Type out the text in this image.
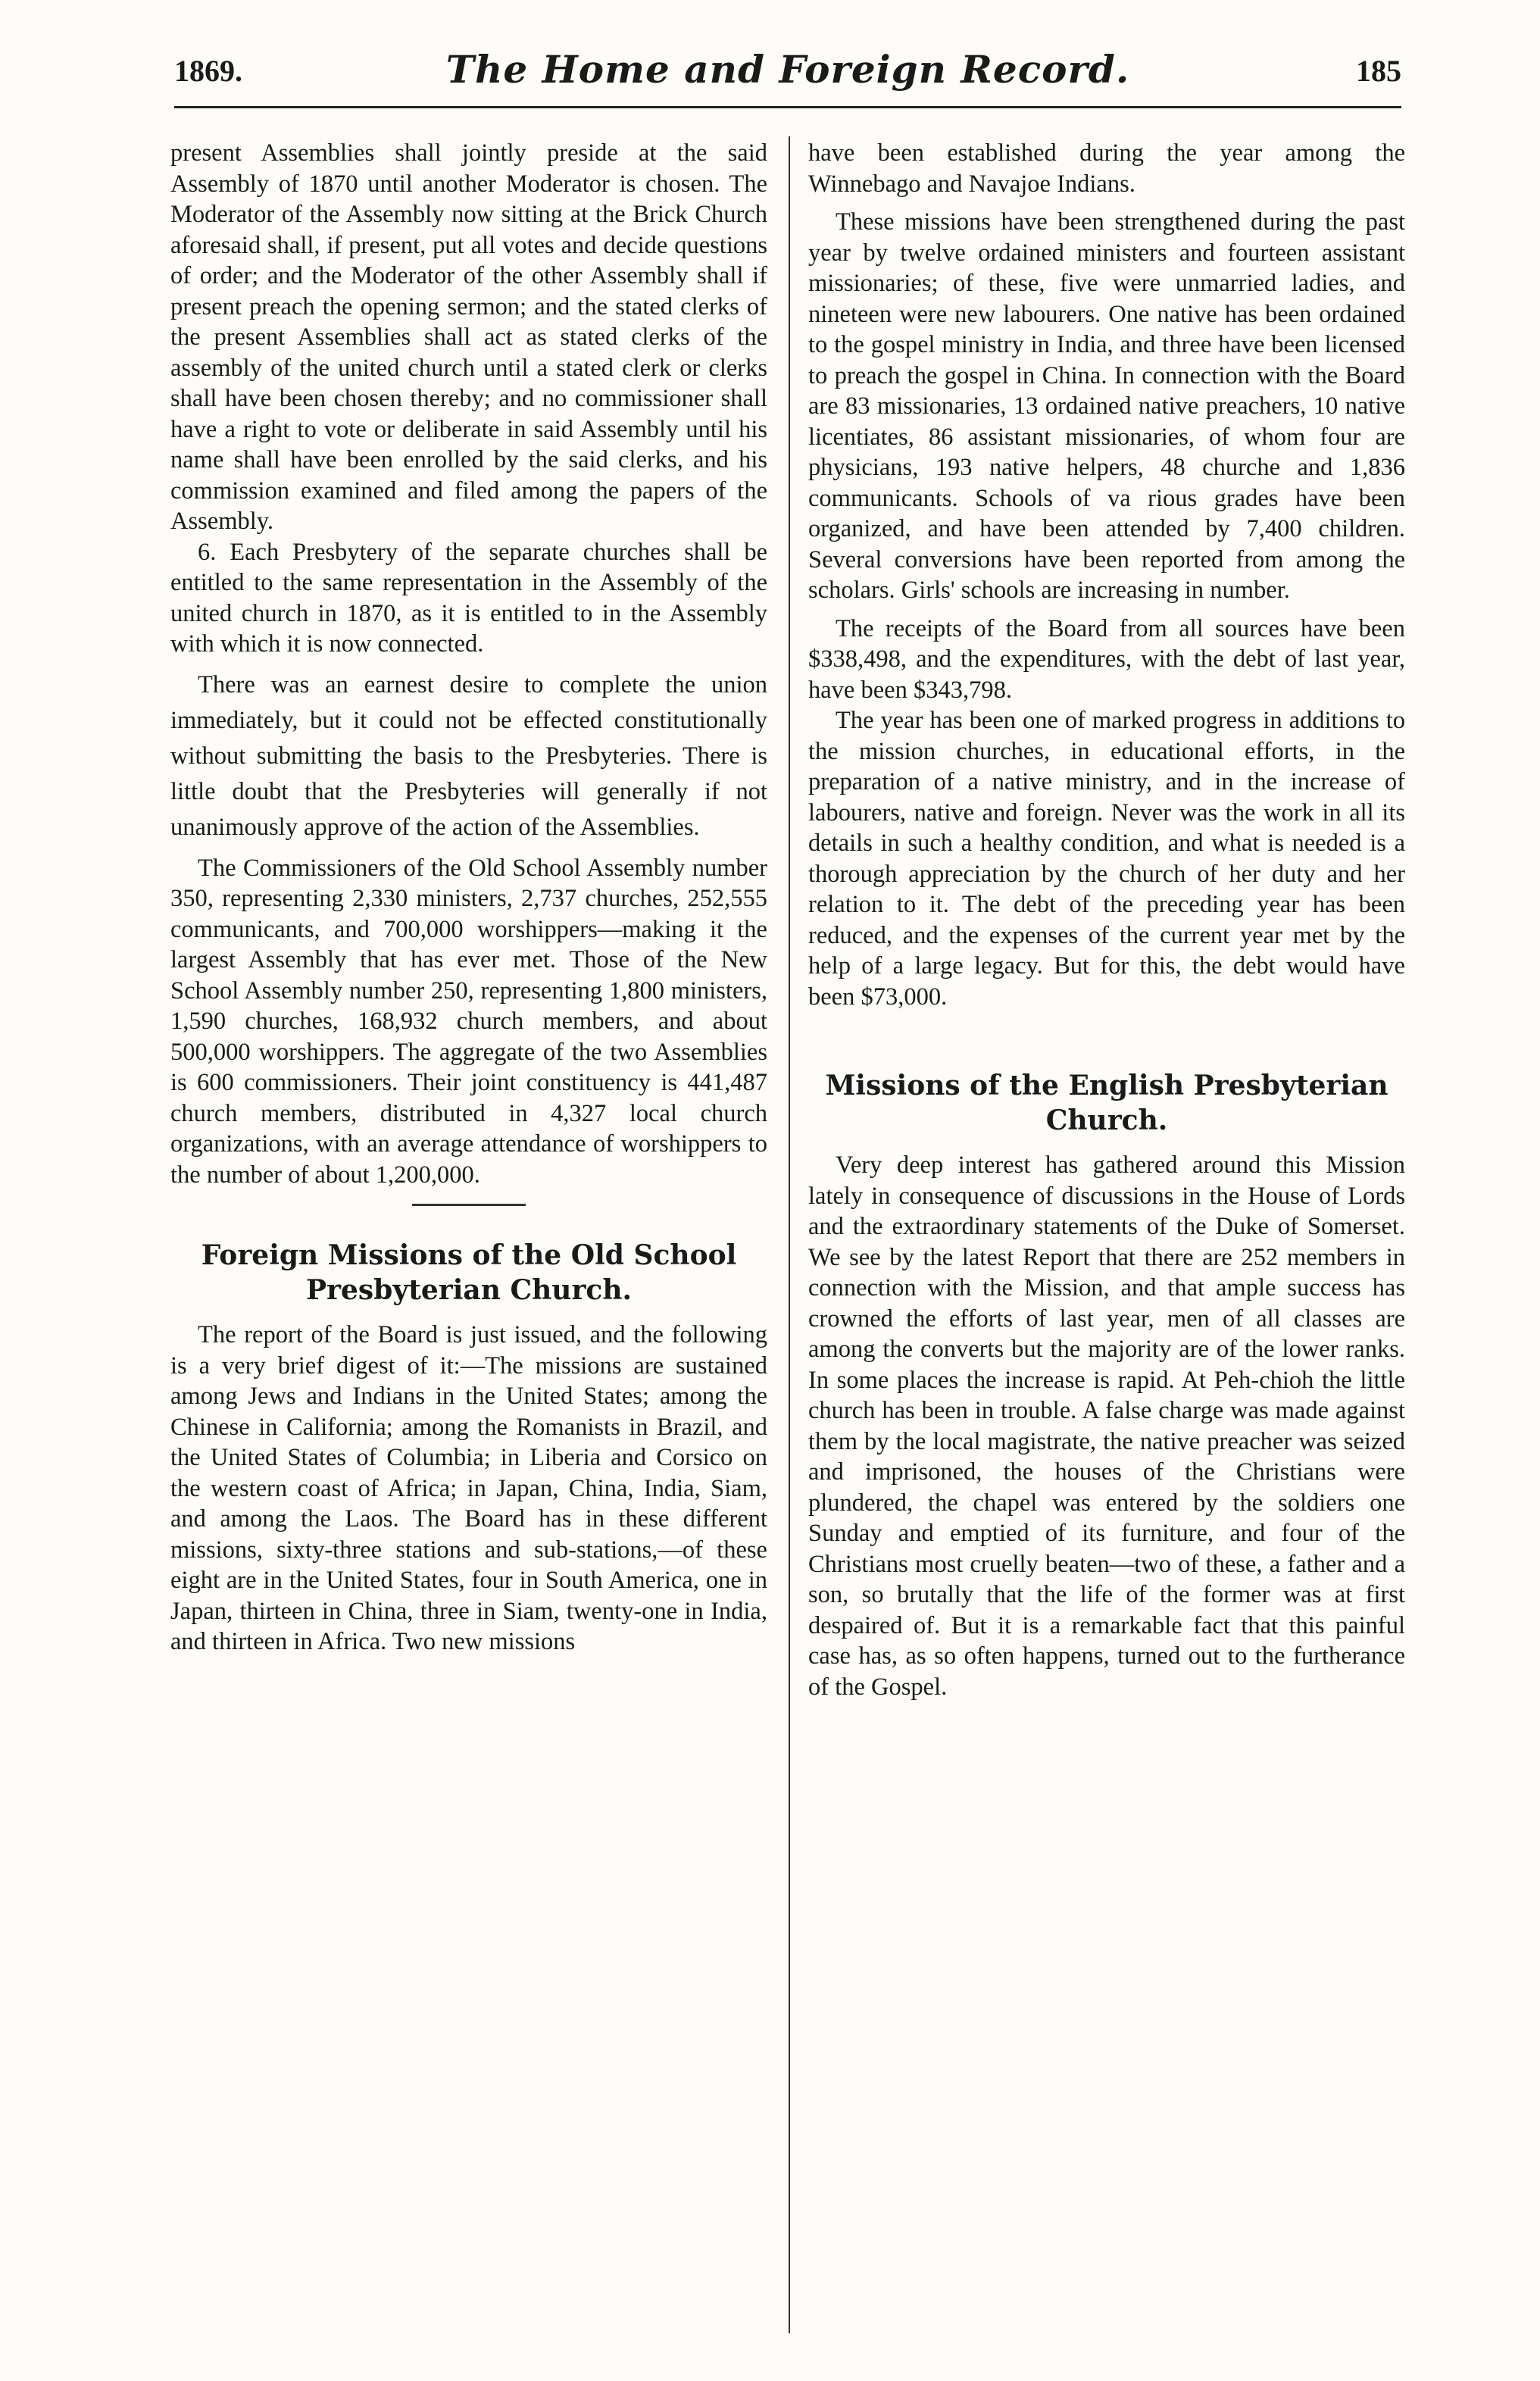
1869.	The Home and Foreign Record.	185

present Assemblies shall jointly preside at the said Assembly of 1870 until another Moderator is chosen. The Moderator of the Assembly now sitting at the Brick Church aforesaid shall, if present, put all votes and decide questions of order; and the Moderator of the other Assembly shall if present preach the opening sermon; and the stated clerks of the present Assemblies shall act as stated clerks of the assembly of the united church until a stated clerk or clerks shall have been chosen thereby; and no commissioner shall have a right to vote or deliberate in said Assembly until his name shall have been enrolled by the said clerks, and his commission examined and filed among the papers of the Assembly.

6. Each Presbytery of the separate churches shall be entitled to the same representation in the Assembly of the united church in 1870, as it is entitled to in the Assembly with which it is now connected.

There was an earnest desire to complete the union immediately, but it could not be effected constitutionally without submitting the basis to the Presbyteries. There is little doubt that the Presbyteries will generally if not unanimously approve of the action of the Assemblies.

The Commissioners of the Old School Assembly number 350, representing 2,330 ministers, 2,737 churches, 252,555 communicants, and 700,000 worshippers—making it the largest Assembly that has ever met. Those of the New School Assembly number 250, representing 1,800 ministers, 1,590 churches, 168,932 church members, and about 500,000 worshippers. The aggregate of the two Assemblies is 600 commissioners. Their joint constituency is 441,487 church members, distributed in 4,327 local church organizations, with an average attendance of worshippers to the number of about 1,200,000.

Foreign Missions of the Old School Presbyterian Church.

The report of the Board is just issued, and the following is a very brief digest of it:—The missions are sustained among Jews and Indians in the United States; among the Chinese in California; among the Romanists in Brazil, and the United States of Columbia; in Liberia and Corsico on the western coast of Africa; in Japan, China, India, Siam, and among the Laos. The Board has in these different missions, sixty-three stations and sub-stations,—of these eight are in the United States, four in South America, one in Japan, thirteen in China, three in Siam, twenty-one in India, and thirteen in Africa. Two new missions

have been established during the year among the Winnebago and Navajoe Indians.

These missions have been strengthened during the past year by twelve ordained ministers and fourteen assistant missionaries; of these, five were unmarried ladies, and nineteen were new labourers. One native has been ordained to the gospel ministry in India, and three have been licensed to preach the gospel in China. In connection with the Board are 83 missionaries, 13 ordained native preachers, 10 native licentiates, 86 assistant missionaries, of whom four are physicians, 193 native helpers, 48 churche and 1,836 communicants. Schools of va rious grades have been organized, and have been attended by 7,400 children. Several conversions have been reported from among the scholars. Girls' schools are increasing in number.

The receipts of the Board from all sources have been $338,498, and the expenditures, with the debt of last year, have been $343,798.

The year has been one of marked progress in additions to the mission churches, in educational efforts, in the preparation of a native ministry, and in the increase of labourers, native and foreign. Never was the work in all its details in such a healthy condition, and what is needed is a thorough appreciation by the church of her duty and her relation to it. The debt of the preceding year has been reduced, and the expenses of the current year met by the help of a large legacy. But for this, the debt would have been $73,000.

Missions of the English Presbyterian Church.

Very deep interest has gathered around this Mission lately in consequence of discussions in the House of Lords and the extraordinary statements of the Duke of Somerset. We see by the latest Report that there are 252 members in connection with the Mission, and that ample success has crowned the efforts of last year, men of all classes are among the converts but the majority are of the lower ranks. In some places the increase is rapid. At Peh-chioh the little church has been in trouble. A false charge was made against them by the local magistrate, the native preacher was seized and imprisoned, the houses of the Christians were plundered, the chapel was entered by the soldiers one Sunday and emptied of its furniture, and four of the Christians most cruelly beaten—two of these, a father and a son, so brutally that the life of the former was at first despaired of. But it is a remarkable fact that this painful case has, as so often happens, turned out to the furtherance of the Gospel.
